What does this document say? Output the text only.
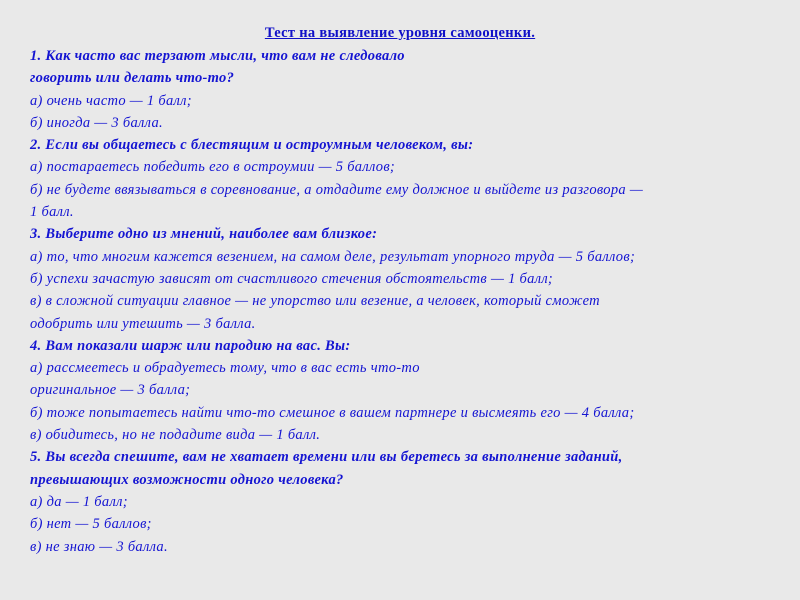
Тест на выявление уровня самооценки.
1. Как часто вас терзают мысли, что вам не следовало
говорить или делать что-то?
а) очень часто — 1 балл;
б) иногда — 3 балла.
2. Если вы общаетесь с блестящим и остроумным человеком, вы:
а) постараетесь победить его в остроумии — 5 баллов;
б) не будете ввязываться в соревнование, а отдадите ему должное и выйдете из разговора —
1 балл.
3. Выберите одно из мнений, наиболее вам близкое:
а) то, что многим кажется везением, на самом деле, результат упорного труда — 5 баллов;
б) успехи зачастую зависят от счастливого стечения обстоятельств — 1 балл;
в) в сложной ситуации главное — не упорство или везение, а человек, который сможет
одобрить или утешить — 3 балла.
4. Вам показали шарж или пародию на вас. Вы:
а) рассмеетесь и обрадуетесь тому, что в вас есть что-то
оригинальное — 3 балла;
б) тоже попытаетесь найти что-то смешное в вашем партнере и высмеять его — 4 балла;
в) обидитесь, но не подадите вида — 1 балл.
5. Вы всегда спешите, вам не хватает времени или вы беретесь за выполнение заданий,
превышающих возможности одного человека?
а) да — 1 балл;
б) нет — 5 баллов;
в) не знаю — 3 балла.
